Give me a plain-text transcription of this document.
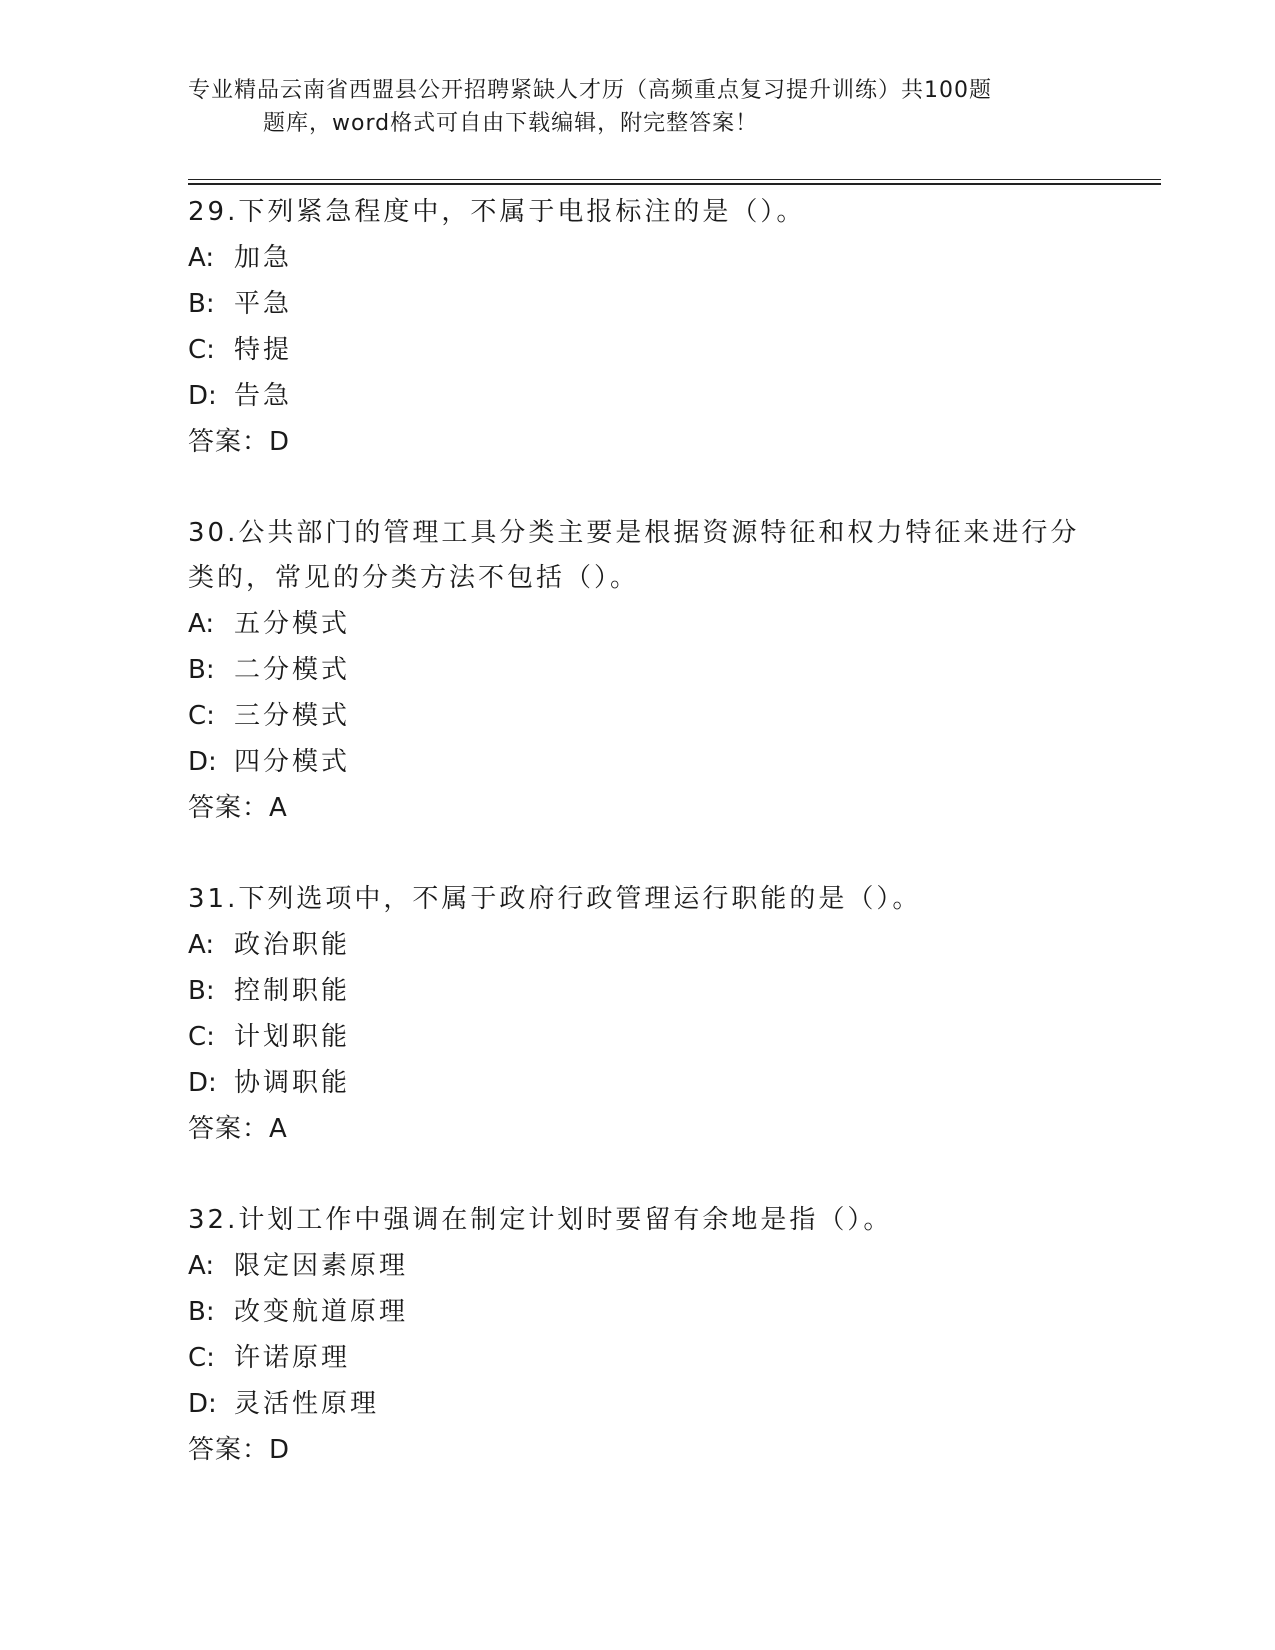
专业精品云南省西盟县公开招聘紧缺人才历（高频重点复习提升训练）共100题
题库，word格式可自由下载编辑，附完整答案！

29.下列紧急程度中，不属于电报标注的是（）。

A: 加急
B: 平急
C: 特提
D: 告急
答案：D

30.公共部门的管理工具分类主要是根据资源特征和权力特征来进行分类的，常见的分类方法不包括（）。

A: 五分模式
B: 二分模式
C: 三分模式
D: 四分模式
答案：A

31.下列选项中，不属于政府行政管理运行职能的是（）。

A: 政治职能
B: 控制职能
C: 计划职能
D: 协调职能
答案：A

32.计划工作中强调在制定计划时要留有余地是指（）。

A: 限定因素原理
B: 改变航道原理
C: 许诺原理
D: 灵活性原理
答案：D
